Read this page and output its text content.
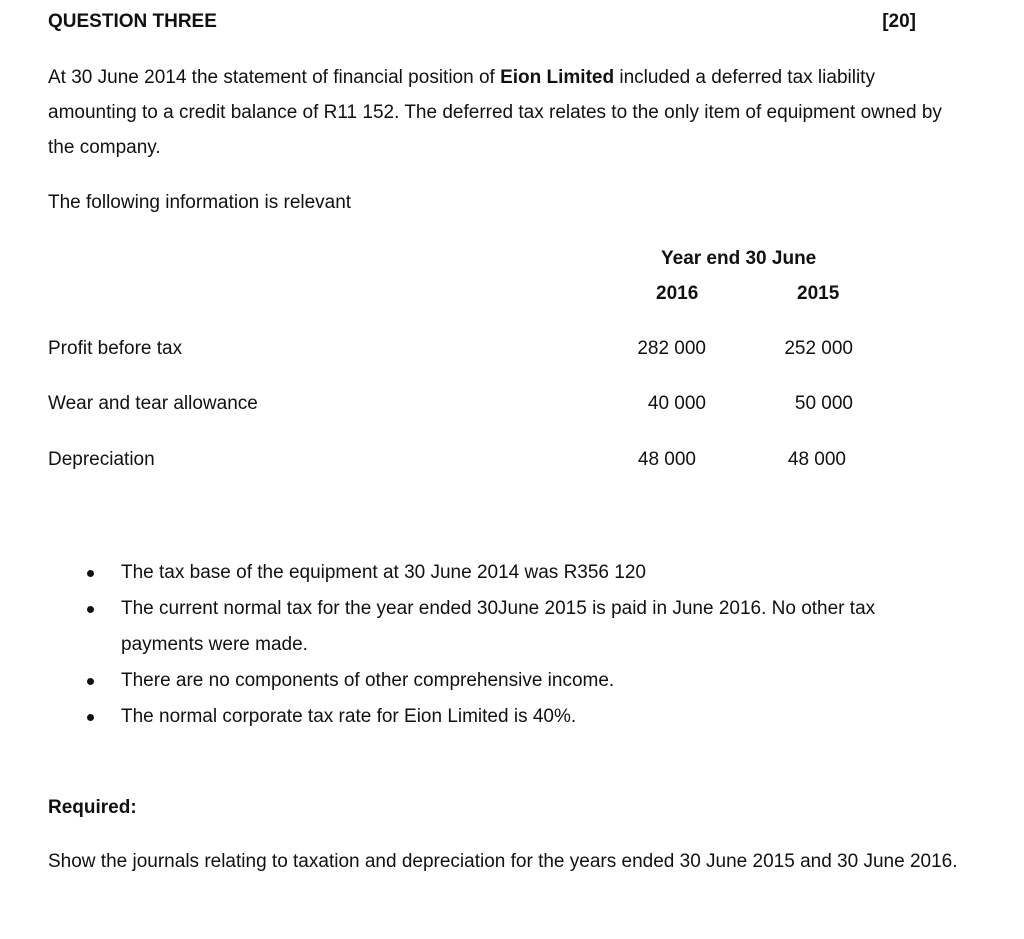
QUESTION THREE	[20]
At 30 June 2014 the statement of financial position of Eion Limited included a deferred tax liability amounting to a credit balance of R11 152. The deferred tax relates to the only item of equipment owned by the company.
The following information is relevant
Year end 30 June
2016	2015
Profit before tax	282 000	252 000
Wear and tear allowance	40 000	50 000
Depreciation	48 000	48 000
The tax base of the equipment at 30 June 2014 was R356 120
The current normal tax for the year ended 30June 2015 is paid in June 2016. No other tax payments were made.
There are no components of other comprehensive income.
The normal corporate tax rate for Eion Limited is 40%.
Required:
Show the journals relating to taxation and depreciation for the years ended 30 June 2015 and 30 June 2016.
